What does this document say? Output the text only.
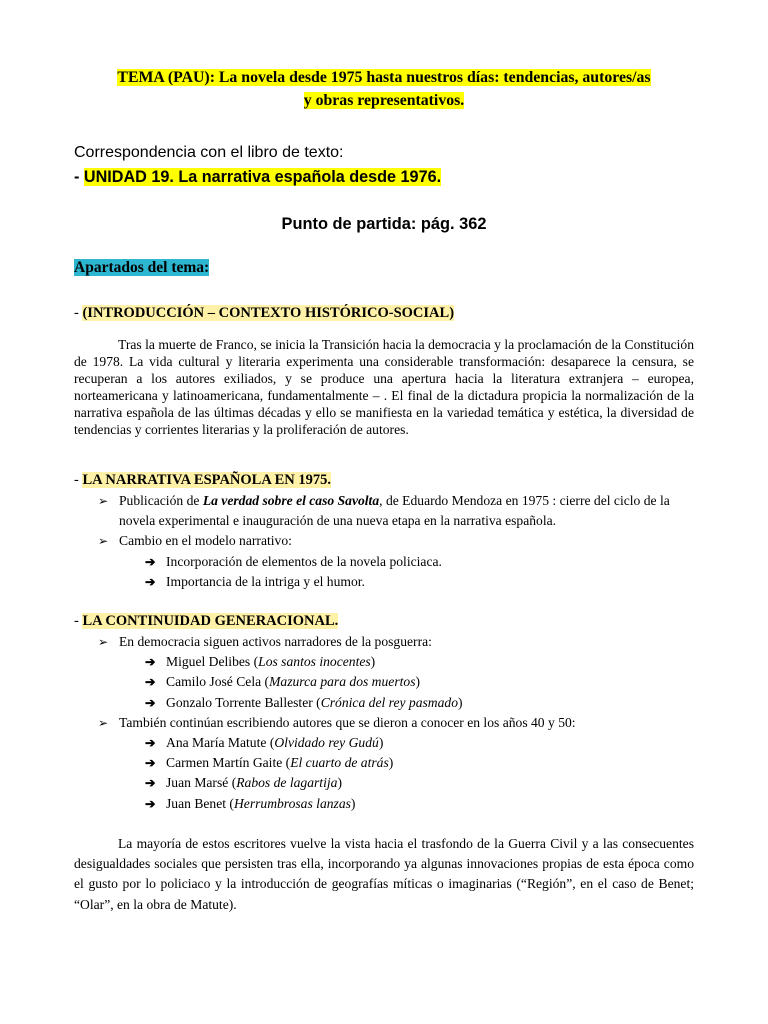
TEMA (PAU): La novela desde 1975 hasta nuestros días: tendencias, autores/as
y obras representativos.
Correspondencia con el libro de texto:
- UNIDAD 19. La narrativa española desde 1976.
Punto de partida: pág. 362
Apartados del tema:
- (INTRODUCCIÓN – CONTEXTO HISTÓRICO-SOCIAL)
Tras la muerte de Franco, se inicia la Transición hacia la democracia y la proclamación de la Constitución de 1978. La vida cultural y literaria experimenta una considerable transformación: desaparece la censura, se recuperan a los autores exiliados, y se produce una apertura hacia la literatura extranjera – europea, norteamericana y latinoamericana, fundamentalmente – . El final de la dictadura propicia la normalización de la narrativa española de las últimas décadas y ello se manifiesta en la variedad temática y estética, la diversidad de tendencias y corrientes literarias y la proliferación de autores.
- LA NARRATIVA ESPAÑOLA EN 1975.
➢ Publicación de La verdad sobre el caso Savolta, de Eduardo Mendoza en 1975 : cierre del ciclo de la novela experimental e inauguración de una nueva etapa en la narrativa española.
➢ Cambio en el modelo narrativo:
➔ Incorporación de elementos de la novela policiaca.
➔ Importancia de la intriga y el humor.
- LA CONTINUIDAD GENERACIONAL.
➢ En democracia siguen activos narradores de la posguerra:
➔ Miguel Delibes (Los santos inocentes)
➔ Camilo José Cela (Mazurca para dos muertos)
➔ Gonzalo Torrente Ballester (Crónica del rey pasmado)
➢ También continúan escribiendo autores que se dieron a conocer en los años 40 y 50:
➔ Ana María Matute (Olvidado rey Gudú)
➔ Carmen Martín Gaite (El cuarto de atrás)
➔ Juan Marsé (Rabos de lagartija)
➔ Juan Benet (Herrumbrosas lanzas)
La mayoría de estos escritores vuelve la vista hacia el trasfondo de la Guerra Civil y a las consecuentes desigualdades sociales que persisten tras ella, incorporando ya algunas innovaciones propias de esta época como el gusto por lo policiaco y la introducción de geografías míticas o imaginarias (“Región”, en el caso de Benet; “Olar”, en la obra de Matute).
